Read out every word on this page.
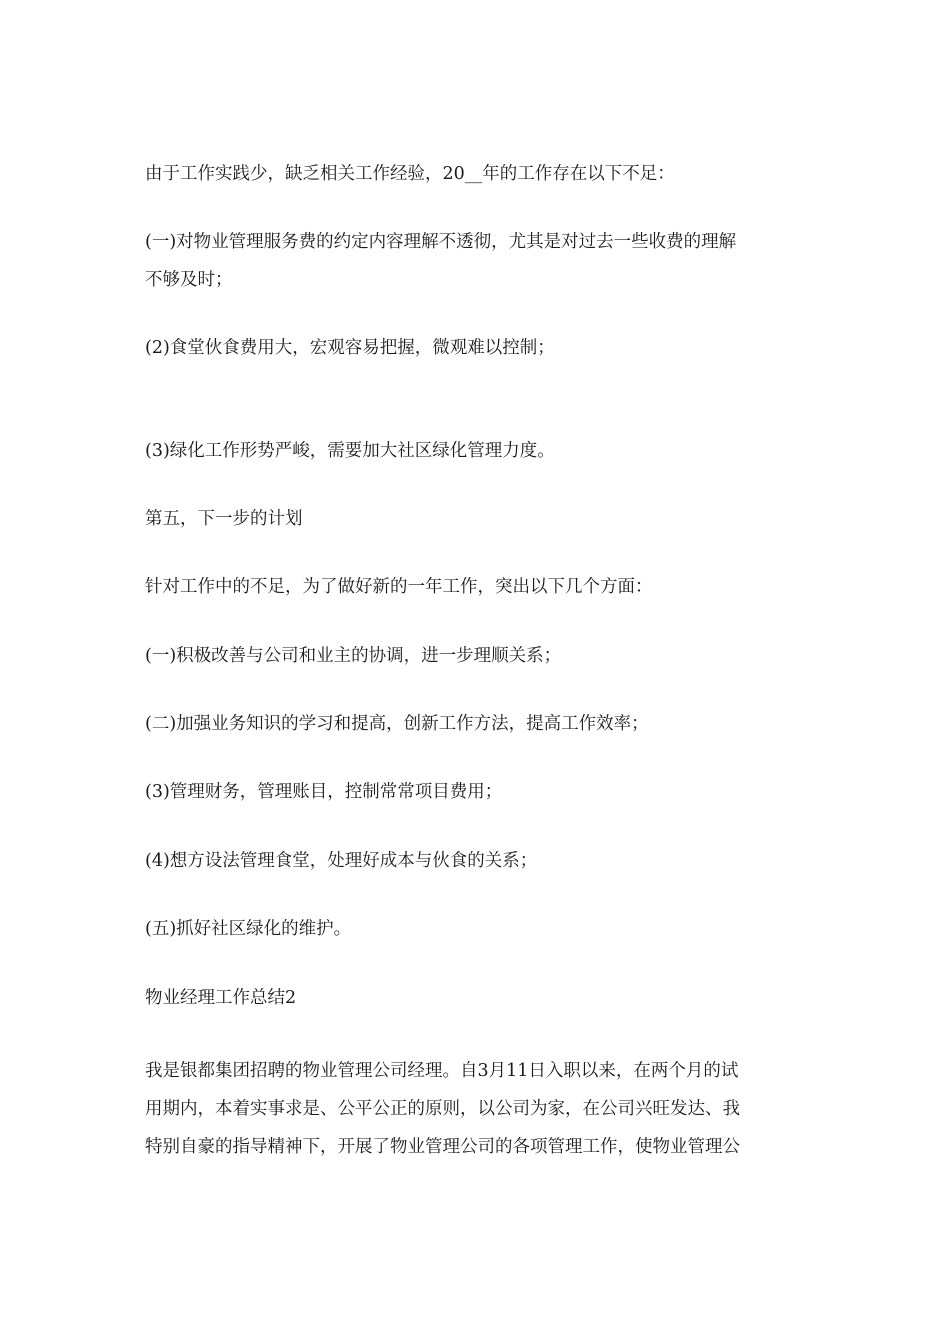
由于工作实践少，缺乏相关工作经验，20__年的工作存在以下不足：

(一)对物业管理服务费的约定内容理解不透彻，尤其是对过去一些收费的理解

不够及时；

(2)食堂伙食费用大，宏观容易把握，微观难以控制；

(3)绿化工作形势严峻，需要加大社区绿化管理力度。

第五，下一步的计划

针对工作中的不足，为了做好新的一年工作，突出以下几个方面：

(一)积极改善与公司和业主的协调，进一步理顺关系；

(二)加强业务知识的学习和提高，创新工作方法，提高工作效率；

(3)管理财务，管理账目，控制常常项目费用；

(4)想方设法管理食堂，处理好成本与伙食的关系；

(五)抓好社区绿化的维护。

物业经理工作总结2

我是银都集团招聘的物业管理公司经理。自3月11日入职以来，在两个月的试

用期内，本着实事求是、公平公正的原则，以公司为家，在公司兴旺发达、我

特别自豪的指导精神下，开展了物业管理公司的各项管理工作，使物业管理公
